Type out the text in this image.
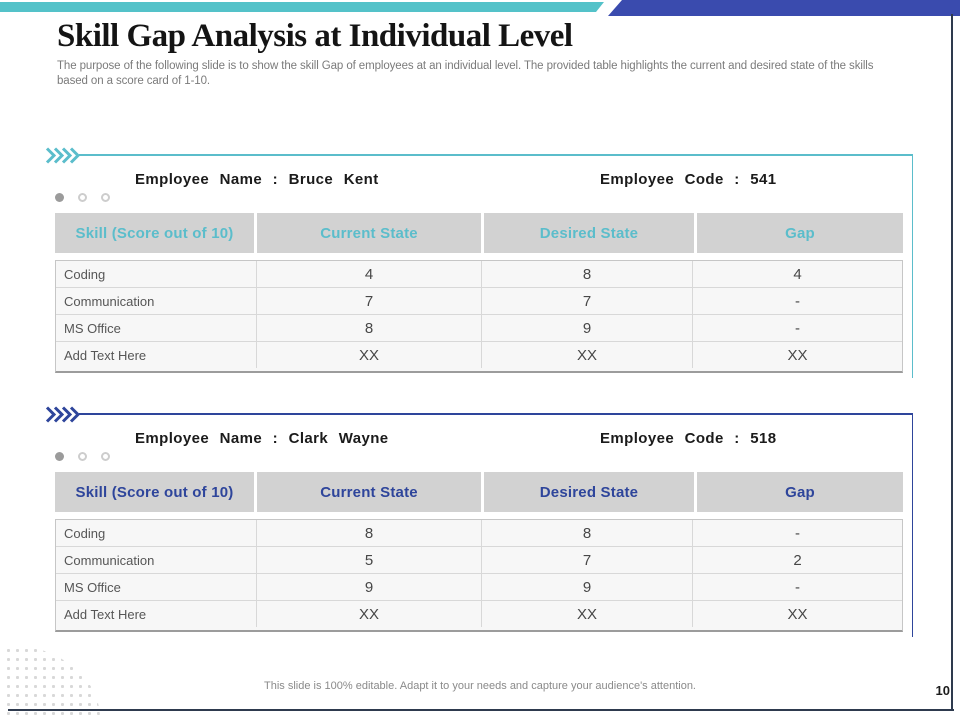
Skill Gap Analysis at Individual Level

The purpose of the following slide is to show the skill Gap of employees at an individual level. The provided table highlights the current and desired state of the skills based on a score card of 1-10.

Employee Name : Bruce Kent	Employee Code : 541
Skill (Score out of 10)	Current State	Desired State	Gap
Coding	4	8	4
Communication	7	7	-
MS Office	8	9	-
Add Text Here	XX	XX	XX
Employee Name : Clark Wayne	Employee Code : 518
Skill (Score out of 10)	Current State	Desired State	Gap
Coding	8	8	-
Communication	5	7	2
MS Office	9	9	-
Add Text Here	XX	XX	XX
This slide is 100% editable. Adapt it to your needs and capture your audience's attention.	10
